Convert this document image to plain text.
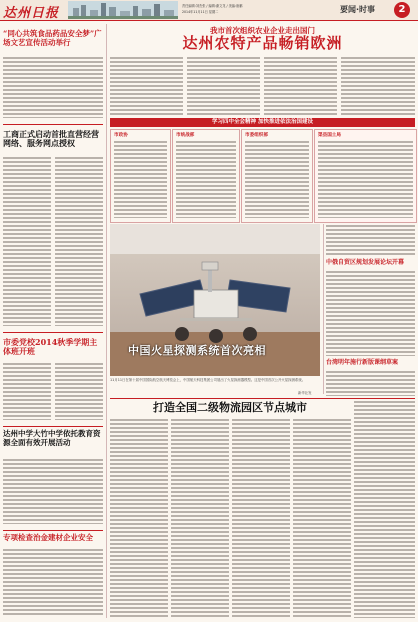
达州日报	责任编辑:刘杰张 / 编辑:谢文龙 / 美编:唐鹏
2014年11月11日 星期二	要闻·时事	2
“同心共筑食品药品安全梦”广场文艺宣传活动举行
工商正式启动首批直营经营网络、服务网点授权
市委党校2014秋季学期主体班开班
达州中学大竹中学依托教育资源全面有效开展活动
专项检查治金建材企业安全
我市首次组织农业企业走出国门
达州农特产品畅销欧洲
学习四中全会精神 加快推进依法治国建设
市政协	市统战部	市委组织部	渠县国土局
中国火星探测系统首次亮相
11月11日在第十届中国国际航空航天博览会上，中国航天科技集团公司展出了火星探测器模型。这是中国首次公开火星探测系统。
新华社发
中俄自贸区规划发展论坛开幕
台湾明年施行新版课纲草案
打造全国二级物流园区节点城市
